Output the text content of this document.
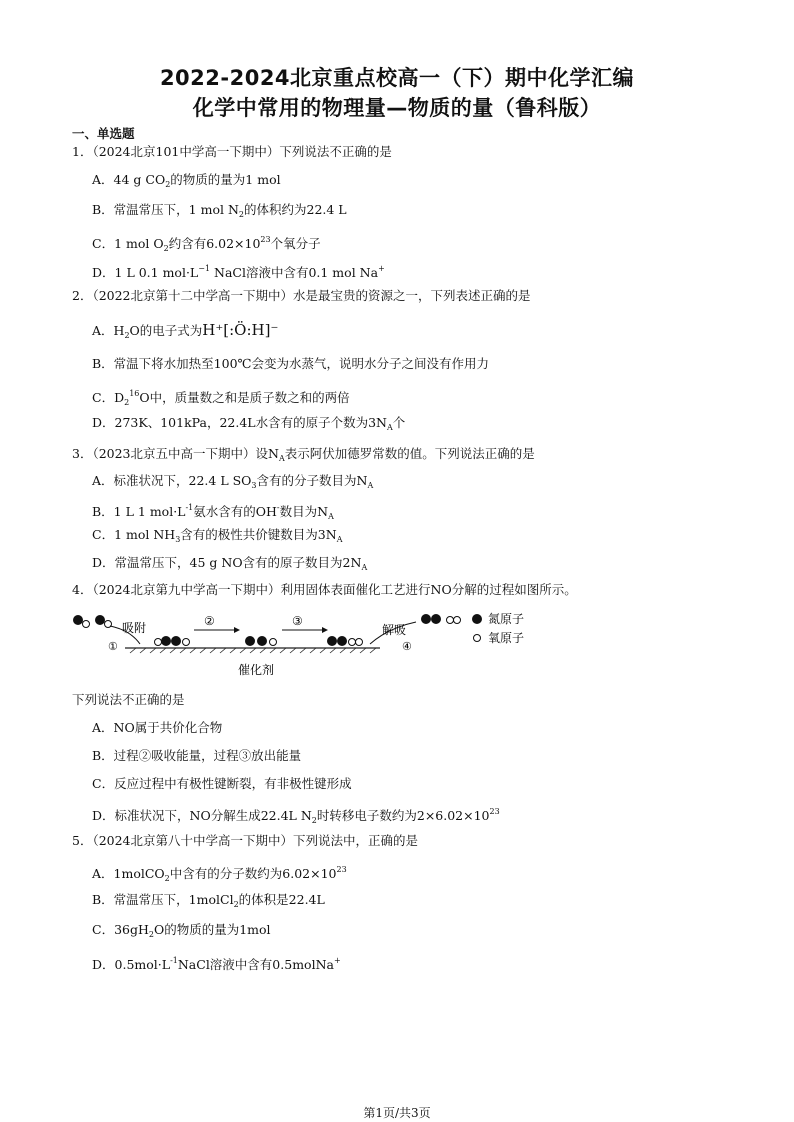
2022-2024北京重点校高一（下）期中化学汇编
化学中常用的物理量—物质的量（鲁科版）
一、单选题
1．（2024北京101中学高一下期中）下列说法不正确的是
A．44 g $CO_2$的物质的量为1 mol
B．常温常压下，1 mol $N_2$的体积约为22.4 L
C．1 mol $O_2$约含有$6.02\times 10^{23}$个氧分子
D．1 L 0.1 $mol\cdot L^{-1}$ NaCl溶液中含有0.1 mol Na+
2．（2022北京第十二中学高一下期中）水是最宝贵的资源之一，下列表述正确的是
A．$H_2O$的电子式为H⁺[:Ö:H]⁻
B．常温下将水加热至100℃会变为水蒸气，说明水分子之间没有作用力
C．$D_2^{16}O$中，质量数之和是质子数之和的两倍
D．273K、101kPa，22.4L水含有的原子个数为$3N_A$个
3．（2023北京五中高一下期中）设$N_A$表示阿伏加德罗常数的值。下列说法正确的是
A．标准状况下，22.4 L $SO_3$含有的分子数目为$N_A$
B．1 L 1 $mol\cdot L^{-1}$氨水含有的OH-数目为$N_A$
C．1 mol $NH_3$含有的极性共价键数目为$3N_A$
D．常温常压下，45 g NO含有的原子数目为$2N_A$
4．（2024北京第九中学高一下期中）利用固体表面催化工艺进行NO分解的过程如图所示。
吸附
①
②	③
解吸
④
氮原子
氧原子
催化剂
下列说法不正确的是
A．NO属于共价化合物
B．过程②吸收能量，过程③放出能量
C．反应过程中有极性键断裂，有非极性键形成
D．标准状况下，NO分解生成22.4L $N_2$时转移电子数约为$2\times 6.02\times 10^{23}$
5．（2024北京第八十中学高一下期中）下列说法中，正确的是
A．1molCO$_2$中含有的分子数约为$6.02\times 10^{23}$
B．常温常压下，1molCl$_2$的体积是22.4L
C．$36gH_2O$的物质的量为1mol
D．$0.5mol\cdot L^{-1}NaCl$溶液中含有0.5molNa+
第1页/共3页
